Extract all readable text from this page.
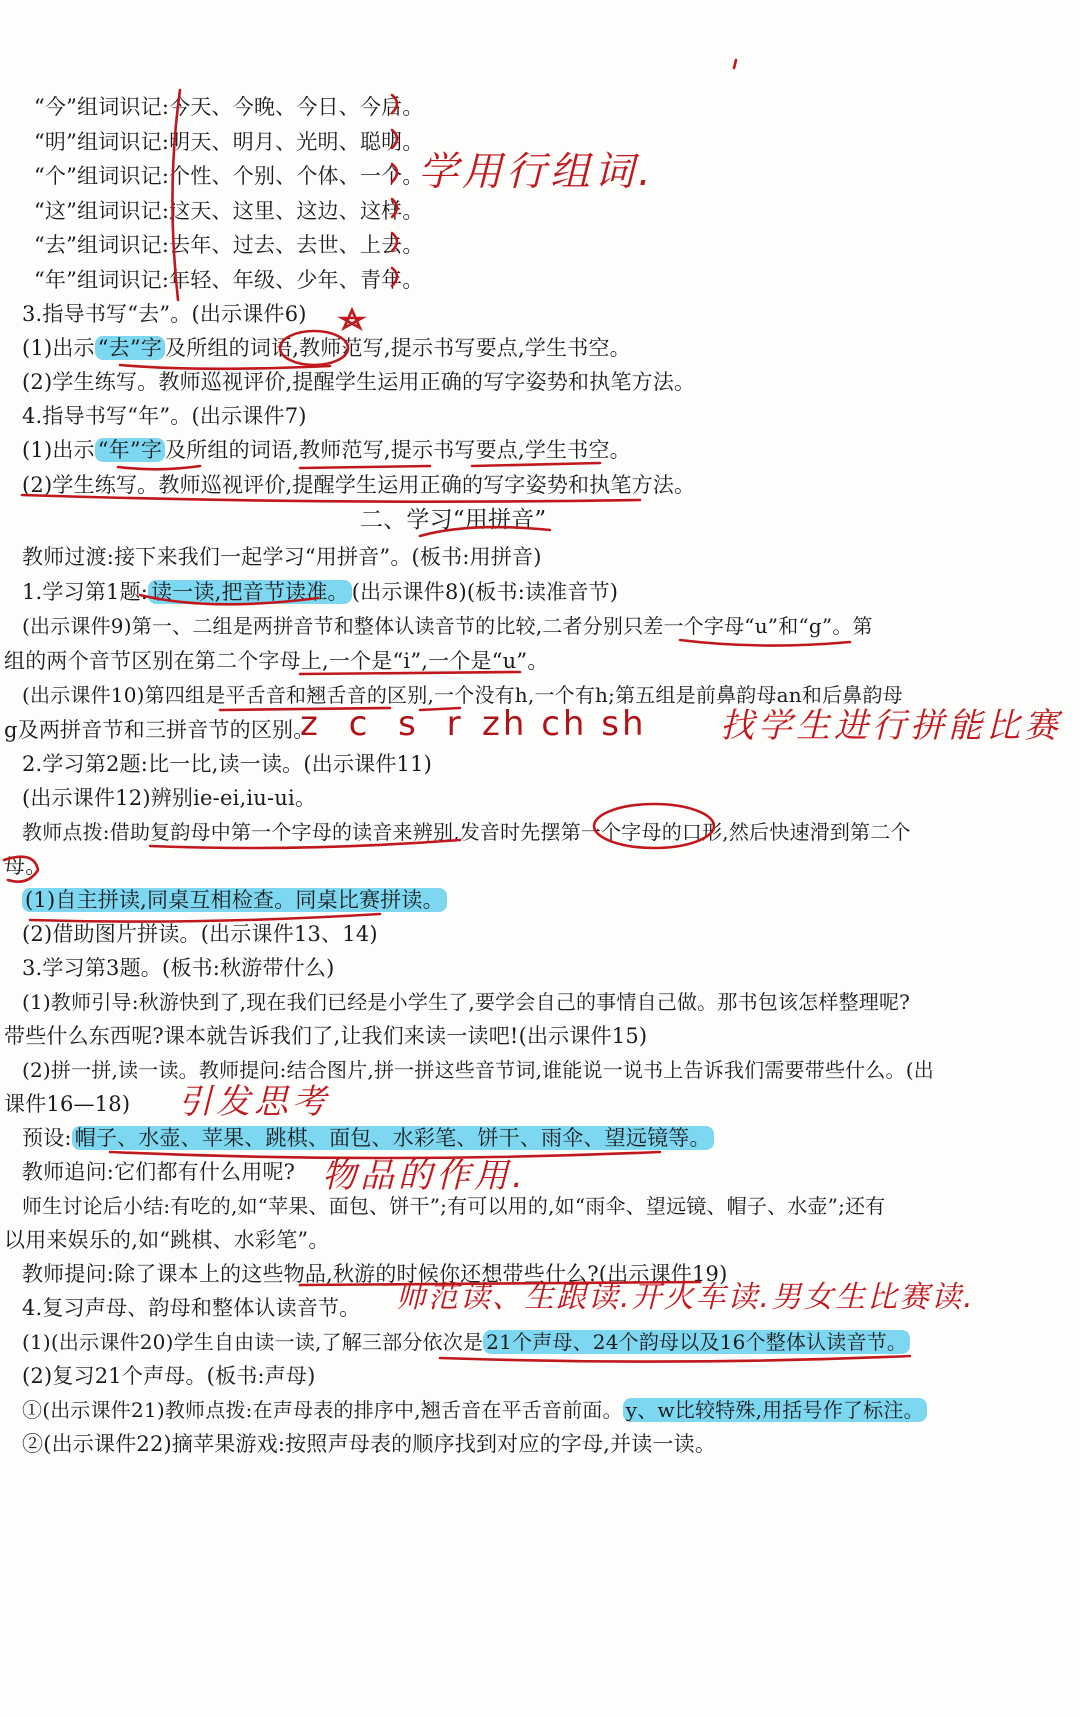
“今”组词识记:今天、今晚、今日、今后。
“明”组词识记:明天、明月、光明、聪明。
“个”组词识记:个性、个别、个体、一个。
“这”组词识记:这天、这里、这边、这样。
“去”组词识记:去年、过去、去世、上去。
“年”组词识记:年轻、年级、少年、青年。
3.指导书写“去”。(出示课件6)
(1)出示 “去”字 及所组的词语,教师范写,提示书写要点,学生书空。
(2)学生练写。教师巡视评价,提醒学生运用正确的写字姿势和执笔方法。
4.指导书写“年”。(出示课件7)
(1)出示 “年”字 及所组的词语,教师范写,提示书写要点,学生书空。
(2)学生练写。教师巡视评价,提醒学生运用正确的写字姿势和执笔方法。
二、学习“用拼音”
教师过渡:接下来我们一起学习“用拼音”。(板书:用拼音)
1.学习第1题: 读一读,把音节读准。 (出示课件8)(板书:读准音节)
(出示课件9)第一、二组是两拼音节和整体认读音节的比较,二者分别只差一个字母“u”和“g”。第
组的两个音节区别在第二个字母上,一个是“i”,一个是“u”。
(出示课件10)第四组是平舌音和翘舌音的区别,一个没有h,一个有h;第五组是前鼻韵母an和后鼻韵母
g及两拼音节和三拼音节的区别。
2.学习第2题:比一比,读一读。(出示课件11)
(出示课件12)辨别ie-ei,iu-ui。
教师点拨:借助复韵母中第一个字母的读音来辨别,发音时先摆第一个字母的口形,然后快速滑到第二个
母。
(1)自主拼读,同桌互相检查。同桌比赛拼读。
(2)借助图片拼读。(出示课件13、14)
3.学习第3题。(板书:秋游带什么)
(1)教师引导:秋游快到了,现在我们已经是小学生了,要学会自己的事情自己做。那书包该怎样整理呢?
带些什么东西呢?课本就告诉我们了,让我们来读一读吧!(出示课件15)
(2)拼一拼,读一读。教师提问:结合图片,拼一拼这些音节词,谁能说一说书上告诉我们需要带些什么。(出
课件16—18)
预设: 帽子、水壶、苹果、跳棋、面包、水彩笔、饼干、雨伞、望远镜等。
教师追问:它们都有什么用呢?
师生讨论后小结:有吃的,如“苹果、面包、饼干”;有可以用的,如“雨伞、望远镜、帽子、水壶”;还有
以用来娱乐的,如“跳棋、水彩笔”。
教师提问:除了课本上的这些物品,秋游的时候你还想带些什么?(出示课件19)
4.复习声母、韵母和整体认读音节。
(1)(出示课件20)学生自由读一读,了解三部分依次是 21个声母、24个韵母以及16个整体认读音节。
(2)复习21个声母。(板书:声母)
①(出示课件21)教师点拨:在声母表的排序中,翘舌音在平舌音前面。 y、w比较特殊,用括号作了标注。
②(出示课件22)摘苹果游戏:按照声母表的顺序找到对应的字母,并读一读。
学用行组词.
z c s r zh ch sh 找学生进行拼能比赛
引发思考
物品的作用.
师范读、生跟读.开火车读.男女生比赛读.
